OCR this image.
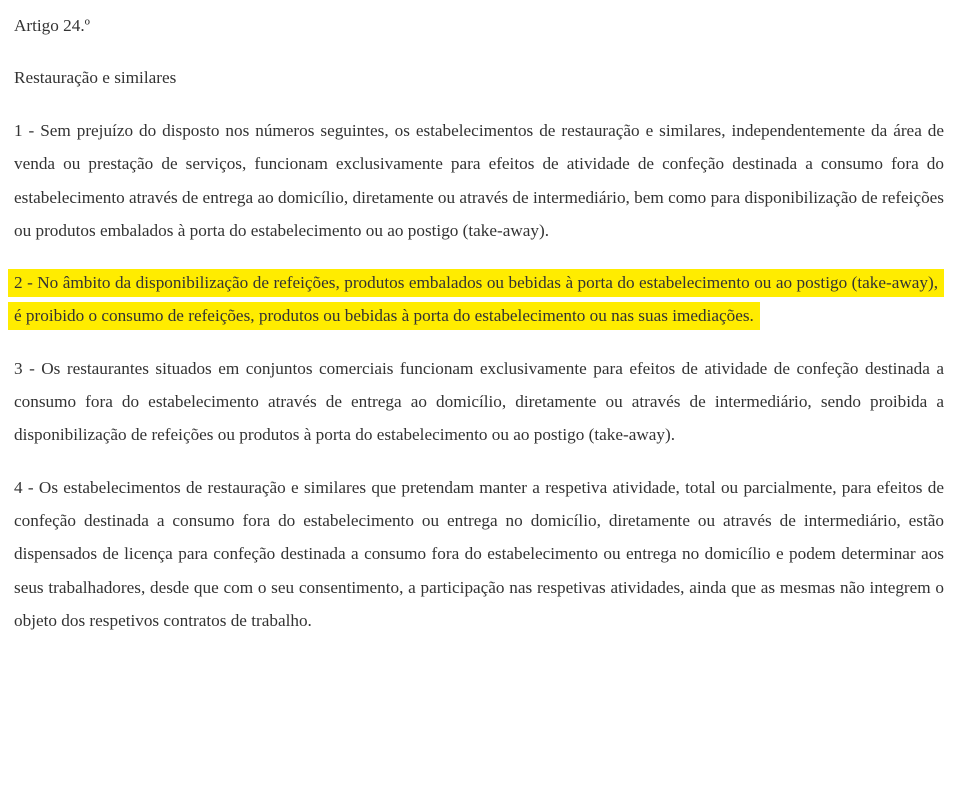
Artigo 24.º

Restauração e similares

1 - Sem prejuízo do disposto nos números seguintes, os estabelecimentos de restauração e similares, independentemente da área de venda ou prestação de serviços, funcionam exclusivamente para efeitos de atividade de confeção destinada a consumo fora do estabelecimento através de entrega ao domicílio, diretamente ou através de intermediário, bem como para disponibilização de refeições ou produtos embalados à porta do estabelecimento ou ao postigo (take-away).

2 - No âmbito da disponibilização de refeições, produtos embalados ou bebidas à porta do estabelecimento ou ao postigo (take-away), é proibido o consumo de refeições, produtos ou bebidas à porta do estabelecimento ou nas suas imediações.

3 - Os restaurantes situados em conjuntos comerciais funcionam exclusivamente para efeitos de atividade de confeção destinada a consumo fora do estabelecimento através de entrega ao domicílio, diretamente ou através de intermediário, sendo proibida a disponibilização de refeições ou produtos à porta do estabelecimento ou ao postigo (take-away).

4 - Os estabelecimentos de restauração e similares que pretendam manter a respetiva atividade, total ou parcialmente, para efeitos de confeção destinada a consumo fora do estabelecimento ou entrega no domicílio, diretamente ou através de intermediário, estão dispensados de licença para confeção destinada a consumo fora do estabelecimento ou entrega no domicílio e podem determinar aos seus trabalhadores, desde que com o seu consentimento, a participação nas respetivas atividades, ainda que as mesmas não integrem o objeto dos respetivos contratos de trabalho.
